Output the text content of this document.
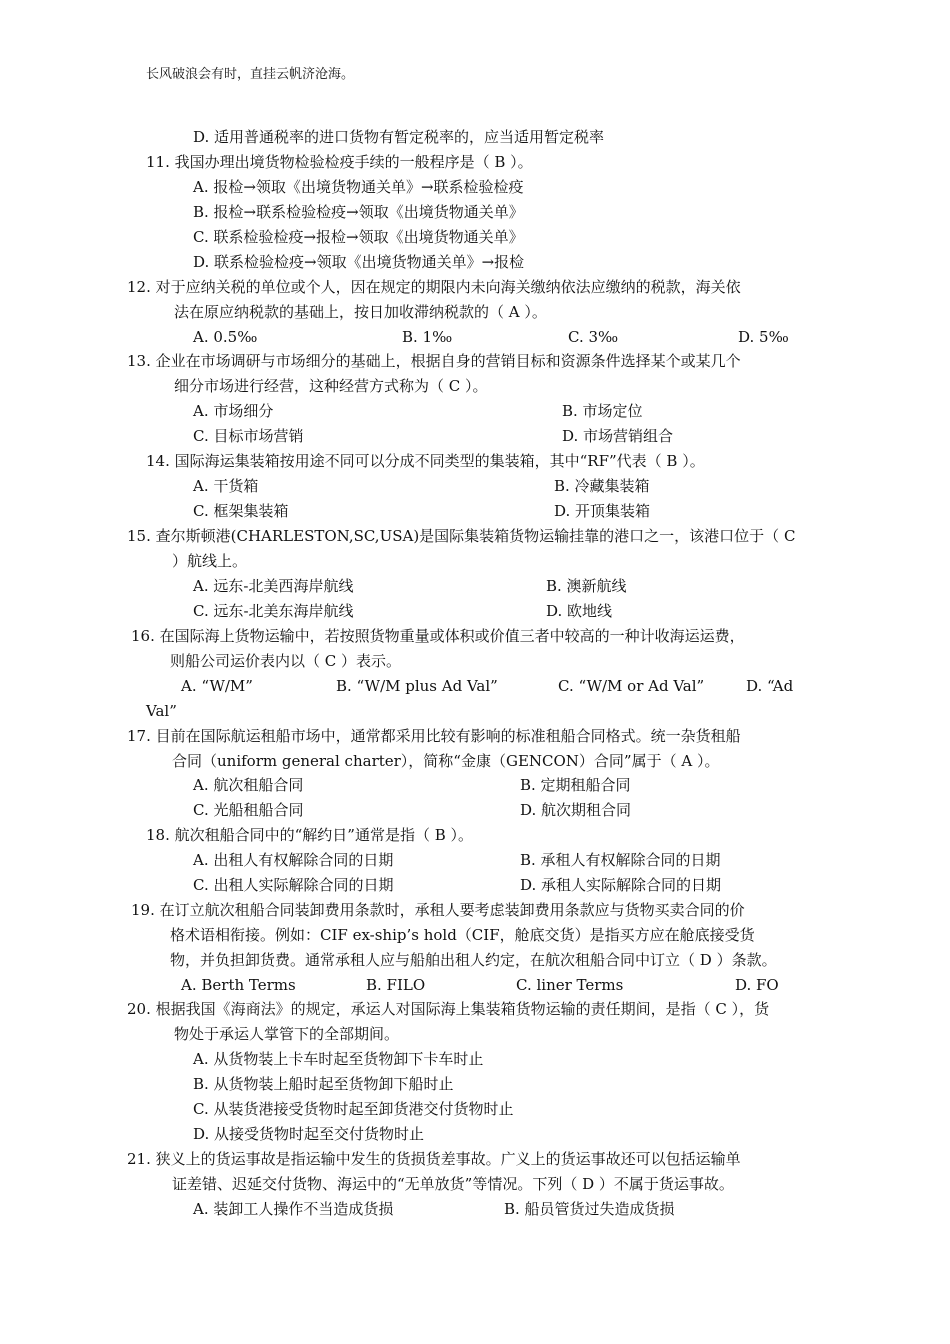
长风破浪会有时，直挂云帆济沧海。
D. 适用普通税率的进口货物有暂定税率的，应当适用暂定税率
11. 我国办理出境货物检验检疫手续的一般程序是（ B ）。
A. 报检→领取《出境货物通关单》→联系检验检疫
B. 报检→联系检验检疫→领取《出境货物通关单》
C. 联系检验检疫→报检→领取《出境货物通关单》
D. 联系检验检疫→领取《出境货物通关单》→报检
12. 对于应纳关税的单位或个人，因在规定的期限内未向海关缴纳依法应缴纳的税款，海关依
法在原应纳税款的基础上，按日加收滞纳税款的（ A ）。
A. 0.5‰	B. 1‰	C. 3‰	D. 5‰
13. 企业在市场调研与市场细分的基础上，根据自身的营销目标和资源条件选择某个或某几个
细分市场进行经营，这种经营方式称为（ C ）。
A. 市场细分	B. 市场定位
C. 目标市场营销	D. 市场营销组合
14. 国际海运集装箱按用途不同可以分成不同类型的集装箱，其中“RF”代表（ B ）。
A. 干货箱	B. 冷藏集装箱
C. 框架集装箱	D. 开顶集装箱
15. 查尔斯顿港(CHARLESTON,SC,USA)是国际集装箱货物运输挂靠的港口之一，该港口位于（ C
）航线上。
A. 远东-北美西海岸航线	B. 澳新航线
C. 远东-北美东海岸航线	D. 欧地线
16. 在国际海上货物运输中，若按照货物重量或体积或价值三者中较高的一种计收海运运费，
则船公司运价表内以（ C ）表示。
A. “W/M”	B. “W/M plus Ad Val”	C. “W/M or Ad Val”	D. “Ad
Val”
17. 目前在国际航运租船市场中，通常都采用比较有影响的标准租船合同格式。统一杂货租船
合同（uniform general charter），简称“金康（GENCON）合同”属于（ A ）。
A. 航次租船合同	B. 定期租船合同
C. 光船租船合同	D. 航次期租合同
18. 航次租船合同中的“解约日”通常是指（ B ）。
A. 出租人有权解除合同的日期	B. 承租人有权解除合同的日期
C. 出租人实际解除合同的日期	D. 承租人实际解除合同的日期
19. 在订立航次租船合同装卸费用条款时，承租人要考虑装卸费用条款应与货物买卖合同的价
格术语相衔接。例如：CIF ex-ship’s hold（CIF，舱底交货）是指买方应在舱底接受货
物，并负担卸货费。通常承租人应与船舶出租人约定，在航次租船合同中订立（ D ）条款。
A. Berth Terms	B. FILO	C. liner Terms	D. FO
20. 根据我国《海商法》的规定，承运人对国际海上集装箱货物运输的责任期间，是指（ C ），货
物处于承运人掌管下的全部期间。
A. 从货物装上卡车时起至货物卸下卡车时止
B. 从货物装上船时起至货物卸下船时止
C. 从装货港接受货物时起至卸货港交付货物时止
D. 从接受货物时起至交付货物时止
21. 狭义上的货运事故是指运输中发生的货损货差事故。广义上的货运事故还可以包括运输单
证差错、迟延交付货物、海运中的“无单放货”等情况。下列（ D ）不属于货运事故。
A. 装卸工人操作不当造成货损	B. 船员管货过失造成货损
